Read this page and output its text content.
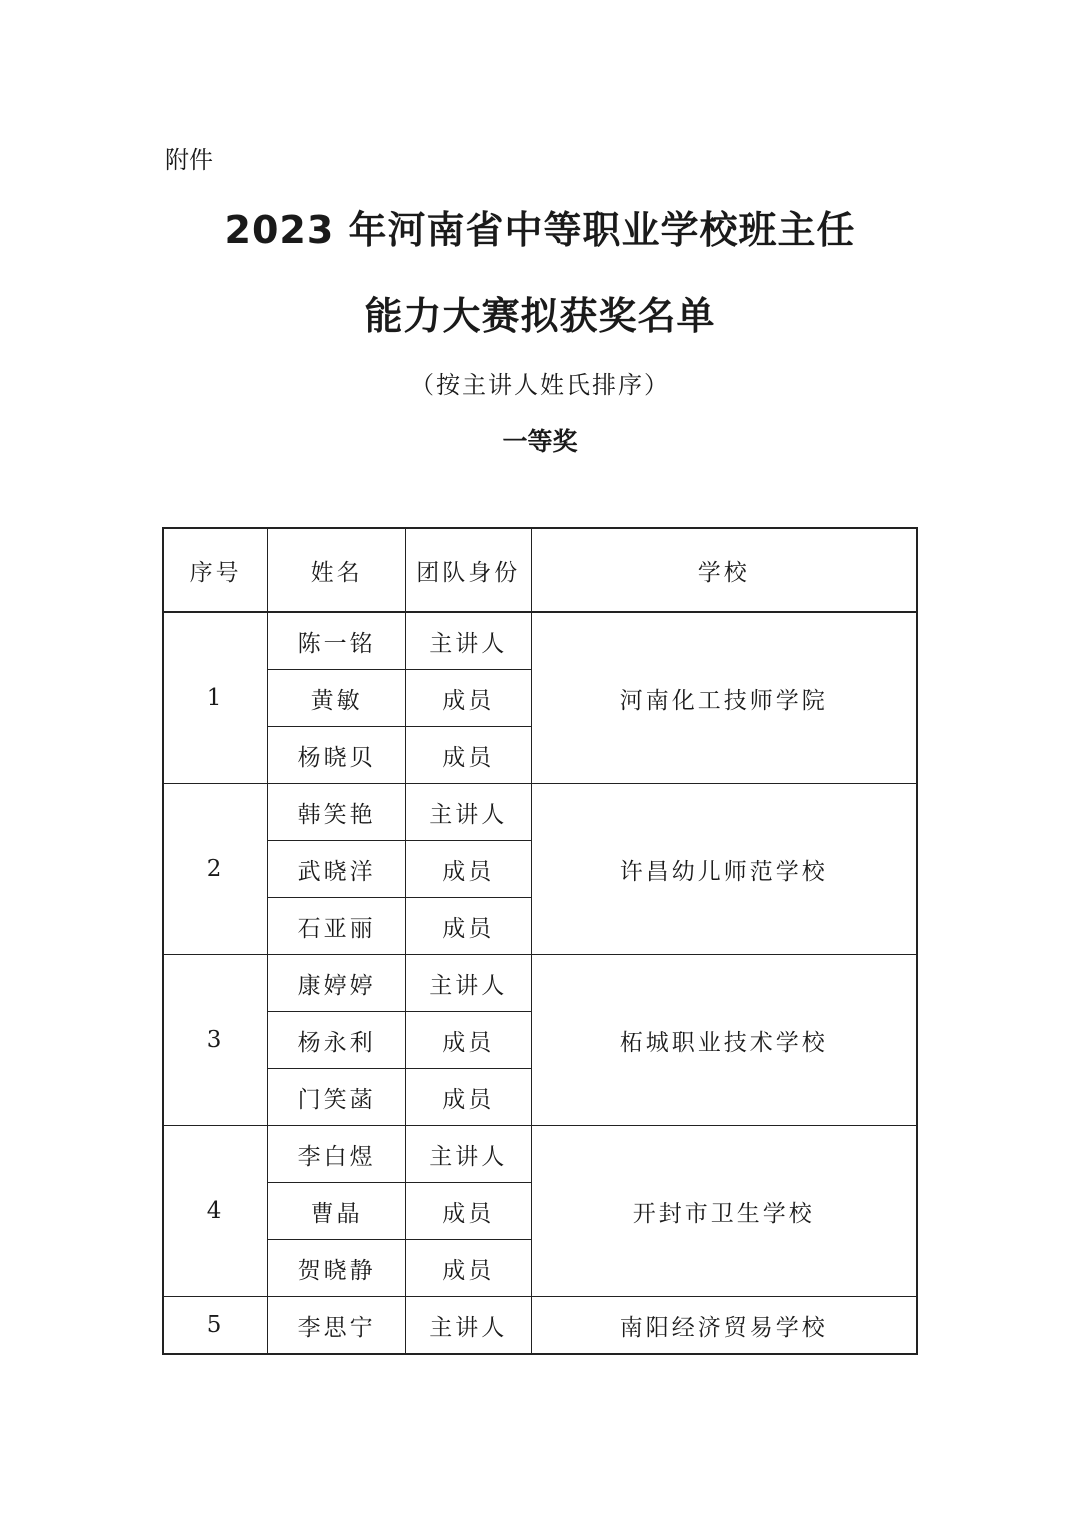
附件
2023 年河南省中等职业学校班主任
能力大赛拟获奖名单
（按主讲人姓氏排序）
一等奖
序号	姓名	团队身份	学校
1	陈一铭	主讲人	河南化工技师学院
	黄敏	成员	
	杨晓贝	成员	
2	韩笑艳	主讲人	许昌幼儿师范学校
	武晓洋	成员	
	石亚丽	成员	
3	康婷婷	主讲人	柘城职业技术学校
	杨永利	成员	
	门笑菡	成员	
4	李白煜	主讲人	开封市卫生学校
	曹晶	成员	
	贺晓静	成员	
5	李思宁	主讲人	南阳经济贸易学校
